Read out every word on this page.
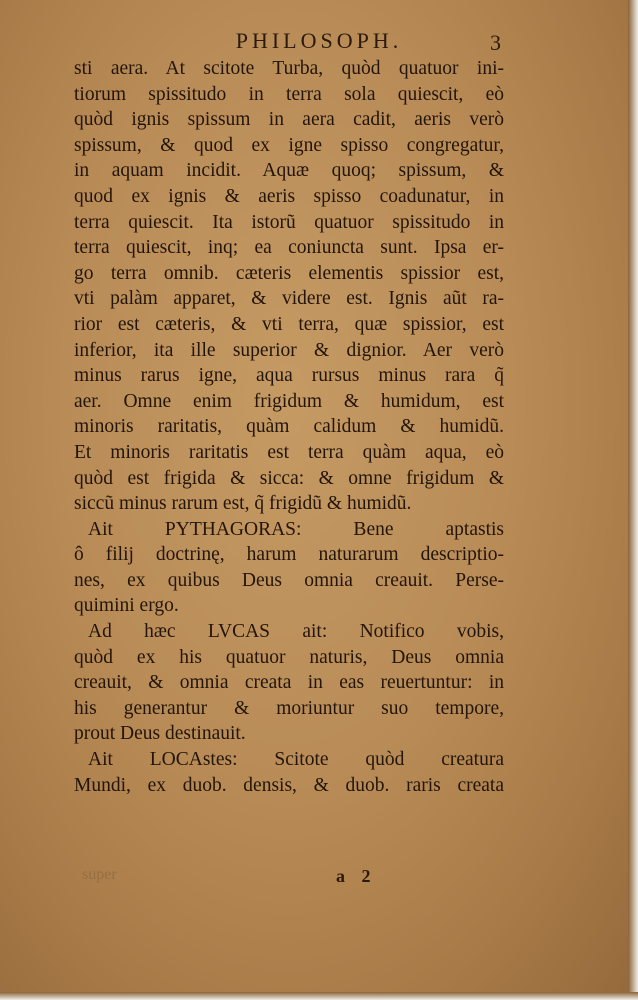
PHILOSOPH.	3
sti aera. At scitote Turba, quòd quatuor ini-
tiorum spissitudo in terra sola quiescit, eò
quòd ignis spissum in aera cadit, aeris verò
spissum, & quod ex igne spisso congregatur,
in aquam incidit. Aquæ quoq; spissum, &
quod ex ignis & aeris spisso coadunatur, in
terra quiescit. Ita istorũ quatuor spissitudo in
terra quiescit, inq; ea coniuncta sunt. Ipsa er-
go terra omnib. cæteris elementis spissior est,
vti palàm apparet, & videre est. Ignis aũt ra-
rior est cæteris, & vti terra, quæ spissior, est
inferior, ita ille superior & dignior. Aer verò
minus rarus igne, aqua rursus minus rara q̃
aer. Omne enim frigidum & humidum, est
minoris raritatis, quàm calidum & humidũ.
Et minoris raritatis est terra quàm aqua, eò
quòd est frigida & sicca: & omne frigidum &
siccũ minus rarum est, q̃ frigidũ & humidũ.
Ait PYTHAGORAS: Bene aptastis
ô filij doctrinę, harum naturarum descriptio-
nes, ex quibus Deus omnia creauit. Perse-
quimini ergo.
Ad hæc LVCAS ait: Notifico vobis,
quòd ex his quatuor naturis, Deus omnia
creauit, & omnia creata in eas reuertuntur: in
his generantur & moriuntur suo tempore,
prout Deus destinauit.
Ait LOCAstes: Scitote quòd creatura
Mundi, ex duob. densis, & duob. raris creata
super	a 2
